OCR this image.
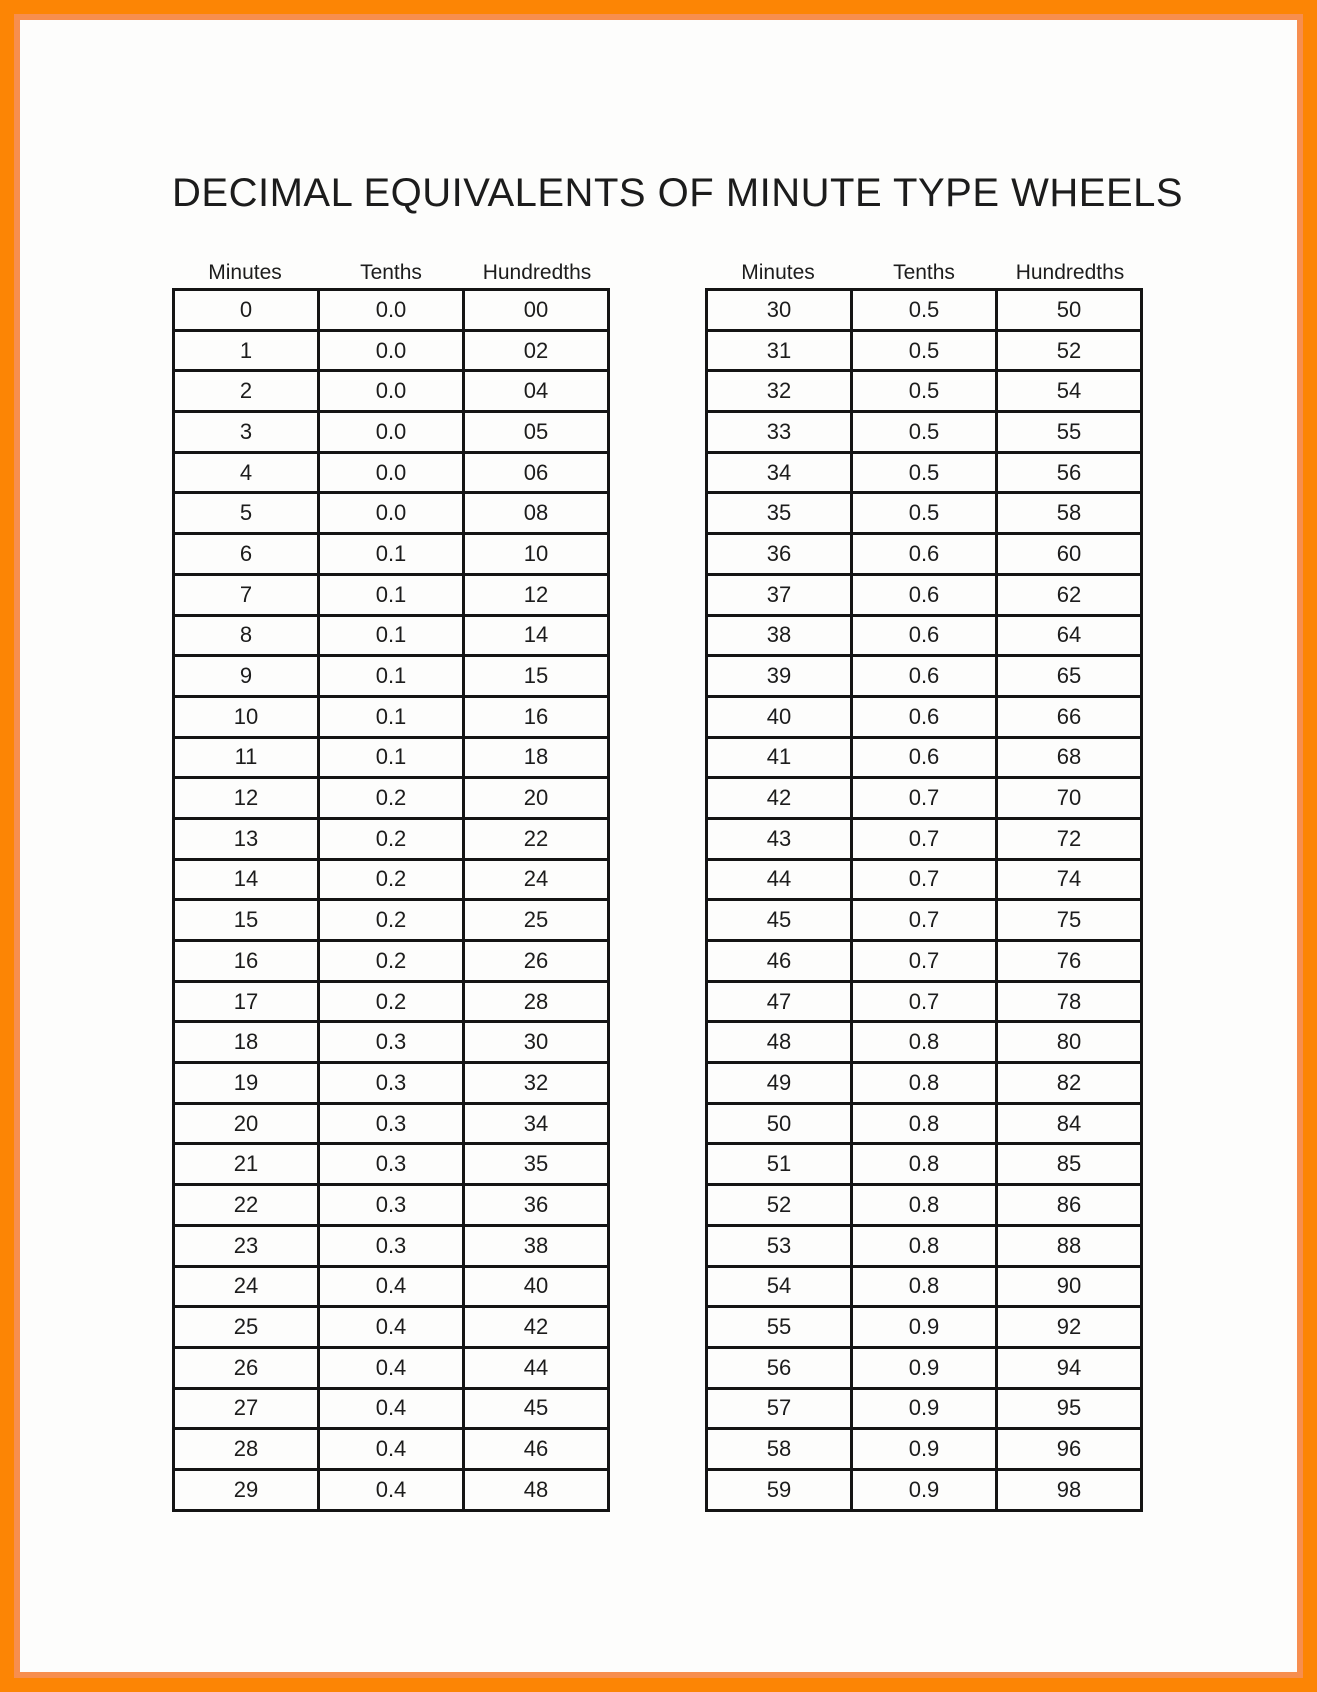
DECIMAL EQUIVALENTS OF MINUTE TYPE WHEELS
Minutes	Tenths	Hundredths
0	0.0	00
1	0.0	02
2	0.0	04
3	0.0	05
4	0.0	06
5	0.0	08
6	0.1	10
7	0.1	12
8	0.1	14
9	0.1	15
10	0.1	16
11	0.1	18
12	0.2	20
13	0.2	22
14	0.2	24
15	0.2	25
16	0.2	26
17	0.2	28
18	0.3	30
19	0.3	32
20	0.3	34
21	0.3	35
22	0.3	36
23	0.3	38
24	0.4	40
25	0.4	42
26	0.4	44
27	0.4	45
28	0.4	46
29	0.4	48
Minutes	Tenths	Hundredths
30	0.5	50
31	0.5	52
32	0.5	54
33	0.5	55
34	0.5	56
35	0.5	58
36	0.6	60
37	0.6	62
38	0.6	64
39	0.6	65
40	0.6	66
41	0.6	68
42	0.7	70
43	0.7	72
44	0.7	74
45	0.7	75
46	0.7	76
47	0.7	78
48	0.8	80
49	0.8	82
50	0.8	84
51	0.8	85
52	0.8	86
53	0.8	88
54	0.8	90
55	0.9	92
56	0.9	94
57	0.9	95
58	0.9	96
59	0.9	98
